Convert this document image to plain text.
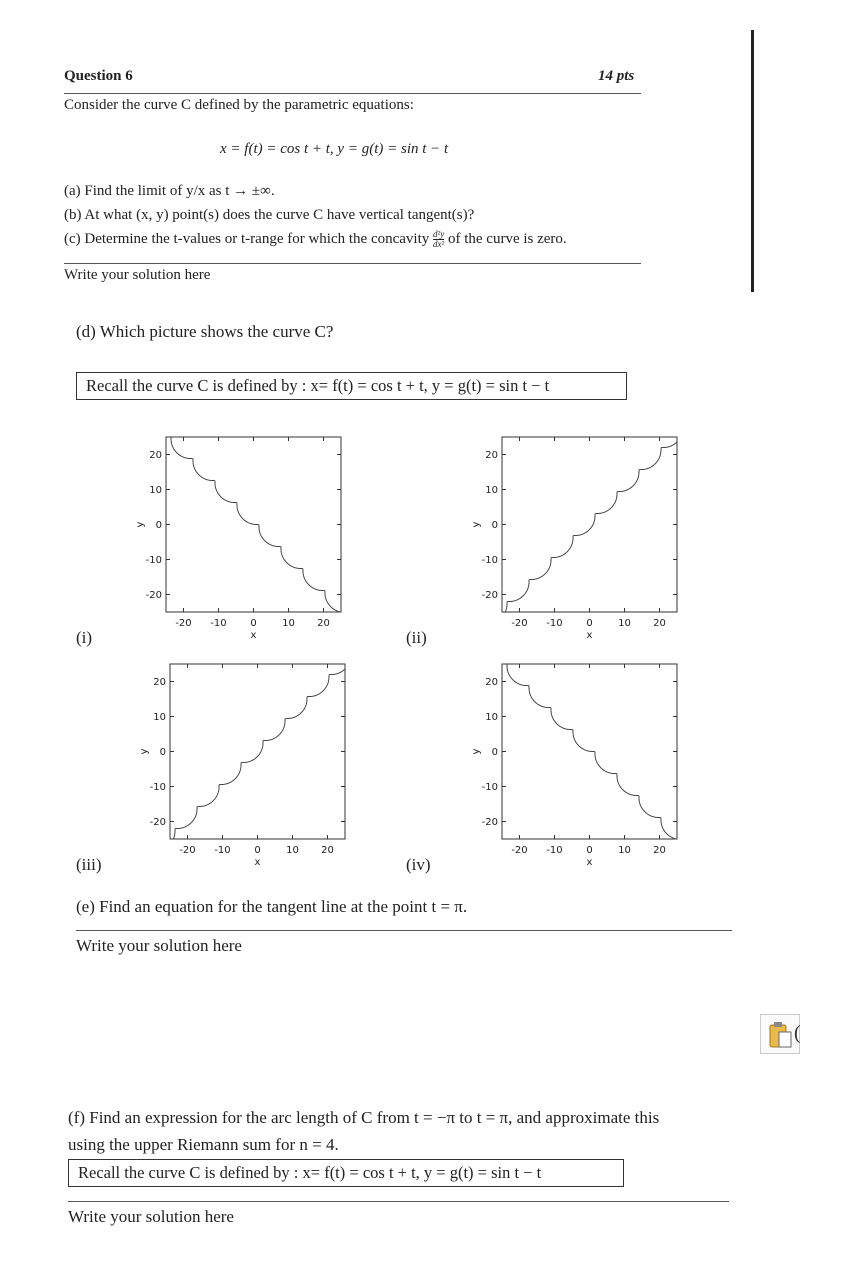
Question 6	14 pts
Consider the curve C defined by the parametric equations:
x = f(t) = cos t + t, y = g(t) = sin t − t
(a) Find the limit of y/x as t → ±∞.
(b) At what (x, y) point(s) does the curve C have vertical tangent(s)?
(c) Determine the t-values or t-range for which the concavity $\frac{\text{d²y}}{\text{dx²}}$ of the curve is zero.
Write your solution here
(d) Which picture shows the curve C?
Recall the curve C is defined by : x= f(t) = cos t + t, y = g(t) = sin t − t
-20 -10 0	10 20
20
10
0
-10
-20
x
y
-20 -10 0	10 20
20
10
0
-10
-20
x
y
-20 -10 0	10 20
20
10
0
-10
-20
x
y
-20 -10 0	10 20
20
10
0
-10
-20
x
y
(i)	(ii)
(iii)	(iv)
(e) Find an equation for the tangent line at the point t = π.
Write your solution here
(
(f) Find an expression for the arc length of C from t = −π to t = π, and approximate this
using the upper Riemann sum for n = 4.
Recall the curve C is defined by : x= f(t) = cos t + t, y = g(t) = sin t − t
Write your solution here
